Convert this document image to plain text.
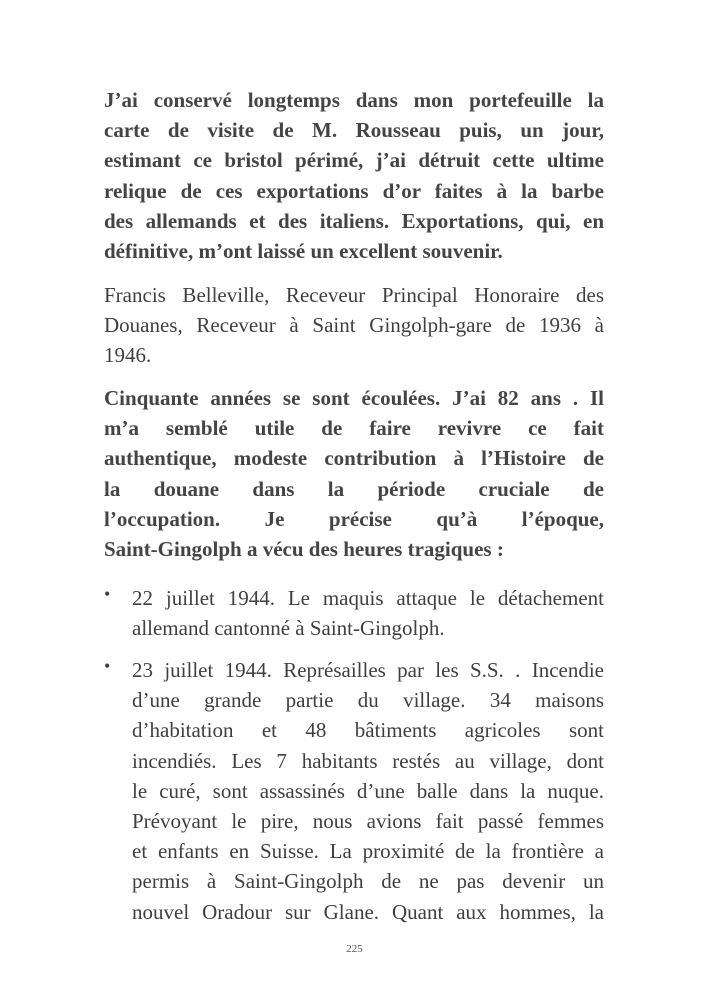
J’ai conservé longtemps dans mon portefeuille la
carte de visite de M. Rousseau puis, un jour,
estimant ce bristol périmé, j’ai détruit cette ultime
relique de ces exportations d’or faites à la barbe
des allemands et des italiens. Exportations, qui, en
définitive, m’ont laissé un excellent souvenir.
Francis Belleville, Receveur Principal Honoraire des
Douanes, Receveur à Saint Gingolph-gare de 1936 à
1946.
Cinquante années se sont écoulées. J’ai 82 ans . Il
m’a semblé utile de faire revivre ce fait
authentique, modeste contribution à l’Histoire de
la douane dans la période cruciale de
l’occupation. Je précise qu’à l’époque,
Saint-Gingolph a vécu des heures tragiques :
• 22 juillet 1944. Le maquis attaque le détachement
allemand cantonné à Saint-Gingolph.
• 23 juillet 1944. Représailles par les S.S. . Incendie
d’une grande partie du village. 34 maisons
d’habitation et 48 bâtiments agricoles sont
incendiés. Les 7 habitants restés au village, dont
le curé, sont assassinés d’une balle dans la nuque.
Prévoyant le pire, nous avions fait passé femmes
et enfants en Suisse. La proximité de la frontière a
permis à Saint-Gingolph de ne pas devenir un
nouvel Oradour sur Glane. Quant aux hommes, la
225
